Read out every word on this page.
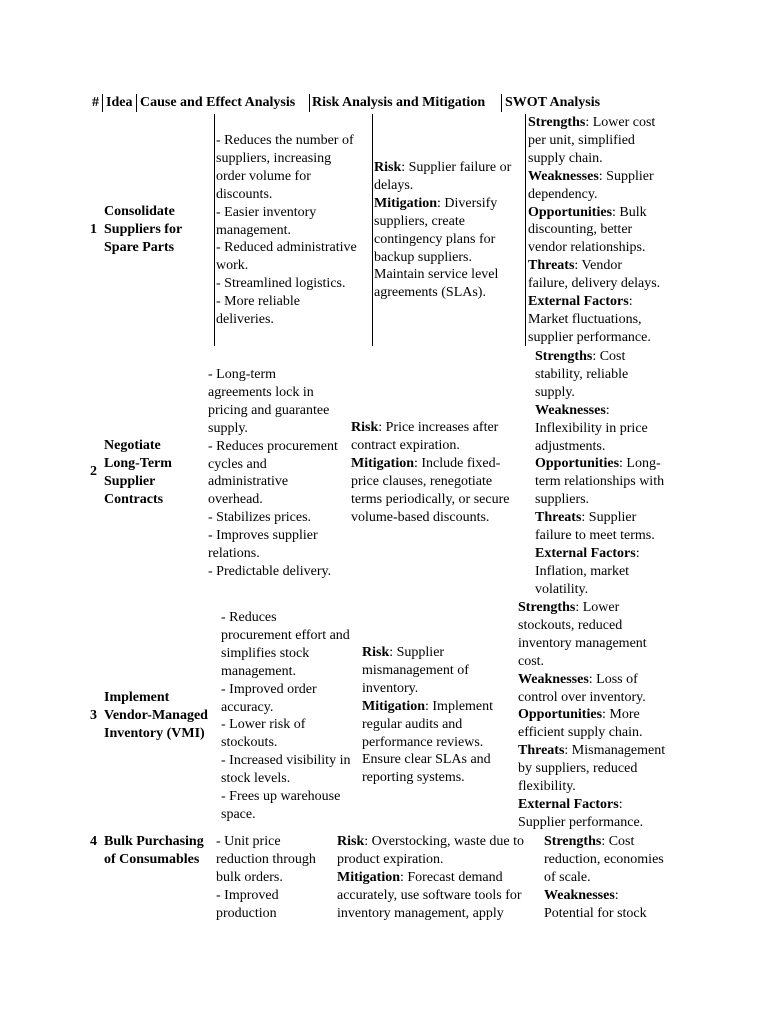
# Idea Cause and Effect Analysis Risk Analysis and Mitigation SWOT Analysis
1
Consolidate
Suppliers for
Spare Parts
- Reduces the number of
suppliers, increasing
order volume for
discounts.
- Easier inventory
management.
- Reduced administrative
work.
- Streamlined logistics.
- More reliable
deliveries.
Risk: Supplier failure or
delays.
Mitigation: Diversify
suppliers, create
contingency plans for
backup suppliers.
Maintain service level
agreements (SLAs).
Strengths: Lower cost
per unit, simplified
supply chain.
Weaknesses: Supplier
dependency.
Opportunities: Bulk
discounting, better
vendor relationships.
Threats: Vendor
failure, delivery delays.
External Factors:
Market fluctuations,
supplier performance.
2
Negotiate
Long-Term
Supplier
Contracts
- Long-term
agreements lock in
pricing and guarantee
supply.
- Reduces procurement
cycles and
administrative
overhead.
- Stabilizes prices.
- Improves supplier
relations.
- Predictable delivery.
Risk: Price increases after
contract expiration.
Mitigation: Include fixed-
price clauses, renegotiate
terms periodically, or secure
volume-based discounts.
Strengths: Cost
stability, reliable
supply.
Weaknesses:
Inflexibility in price
adjustments.
Opportunities: Long-
term relationships with
suppliers.
Threats: Supplier
failure to meet terms.
External Factors:
Inflation, market
volatility.
3
Implement
Vendor-Managed
Inventory (VMI)
- Reduces
procurement effort and
simplifies stock
management.
- Improved order
accuracy.
- Lower risk of
stockouts.
- Increased visibility in
stock levels.
- Frees up warehouse
space.
Risk: Supplier
mismanagement of
inventory.
Mitigation: Implement
regular audits and
performance reviews.
Ensure clear SLAs and
reporting systems.
Strengths: Lower
stockouts, reduced
inventory management
cost.
Weaknesses: Loss of
control over inventory.
Opportunities: More
efficient supply chain.
Threats: Mismanagement
by suppliers, reduced
flexibility.
External Factors:
Supplier performance.
4 Bulk Purchasing
of Consumables
- Unit price
reduction through
bulk orders.
- Improved
production
Risk: Overstocking, waste due to
product expiration.
Mitigation: Forecast demand
accurately, use software tools for
inventory management, apply
Strengths: Cost
reduction, economies
of scale.
Weaknesses:
Potential for stock
